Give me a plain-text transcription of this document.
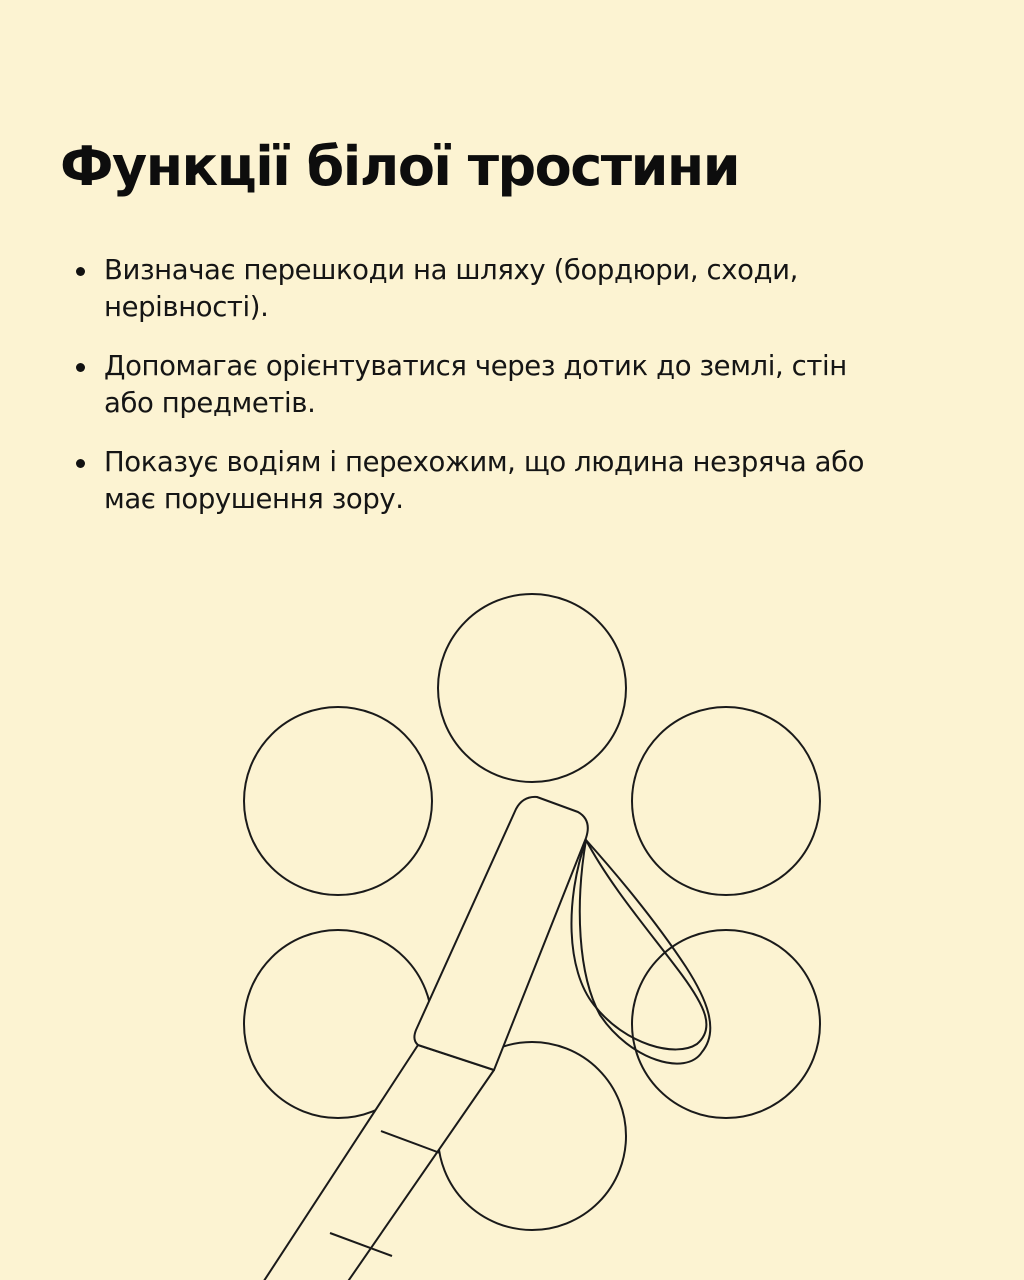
Функції білої тростини
Визначає перешкоди на шляху (бордюри, сходи, нерівності).
Допомагає орієнтуватися через дотик до землі, стін або предметів.
Показує водіям і перехожим, що людина незряча або має порушення зору.
